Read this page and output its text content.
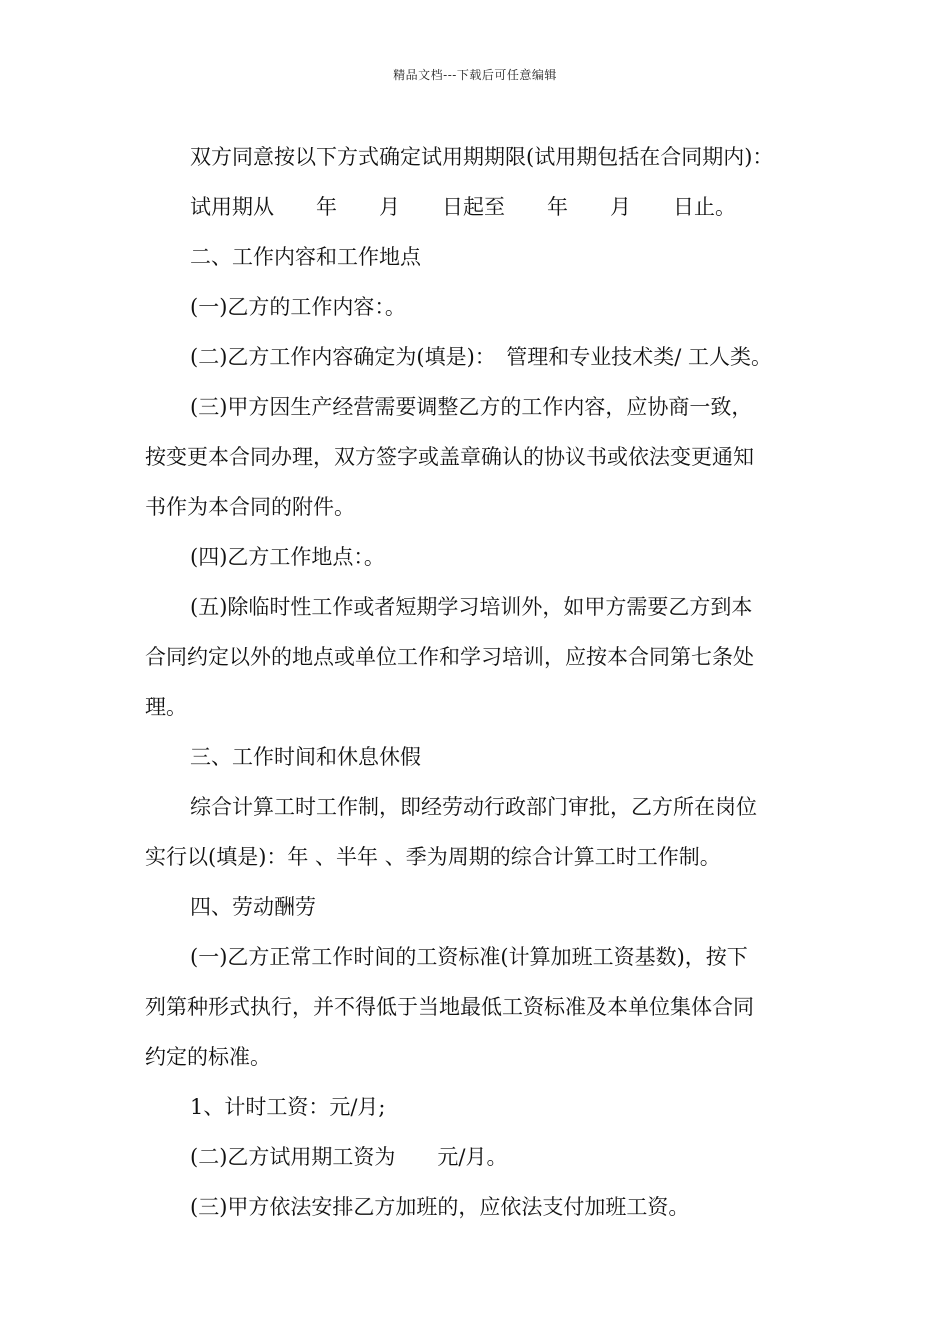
精品文档---下载后可任意编辑

双方同意按以下方式确定试用期期限(试用期包括在合同期内)：

试用期从　　年　　月　　日起至　　年　　月　　日止。

二、工作内容和工作地点

(一)乙方的工作内容：。

(二)乙方工作内容确定为(填是)：　管理和专业技术类/ 工人类。

(三)甲方因生产经营需要调整乙方的工作内容，应协商一致，

按变更本合同办理，双方签字或盖章确认的协议书或依法变更通知

书作为本合同的附件。

(四)乙方工作地点：。

(五)除临时性工作或者短期学习培训外，如甲方需要乙方到本

合同约定以外的地点或单位工作和学习培训，应按本合同第七条处

理。

三、工作时间和休息休假

综合计算工时工作制，即经劳动行政部门审批，乙方所在岗位

实行以(填是)：年 、半年 、季为周期的综合计算工时工作制。

四、劳动酬劳

(一)乙方正常工作时间的工资标准(计算加班工资基数)，按下

列第种形式执行，并不得低于当地最低工资标准及本单位集体合同

约定的标准。

1、计时工资：元/月;

(二)乙方试用期工资为　　元/月。

(三)甲方依法安排乙方加班的，应依法支付加班工资。
